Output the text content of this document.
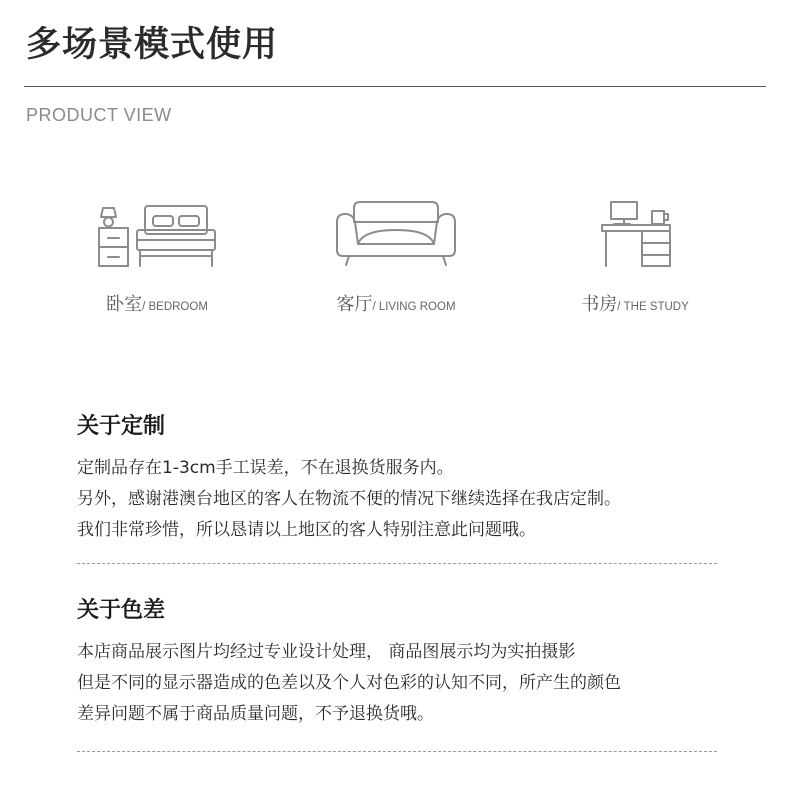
多场景模式使用
PRODUCT VIEW
卧室/ BEDROOM	客厅/ LIVING ROOM	书房/ THE STUDY
关于定制
定制品存在1-3cm手工误差，不在退换货服务内。
另外，感谢港澳台地区的客人在物流不便的情况下继续选择在我店定制。
我们非常珍惜，所以恳请以上地区的客人特别注意此问题哦。
关于色差
本店商品展示图片均经过专业设计处理， 商品图展示均为实拍摄影
但是不同的显示器造成的色差以及个人对色彩的认知不同，所产生的颜色
差异问题不属于商品质量问题，不予退换货哦。
